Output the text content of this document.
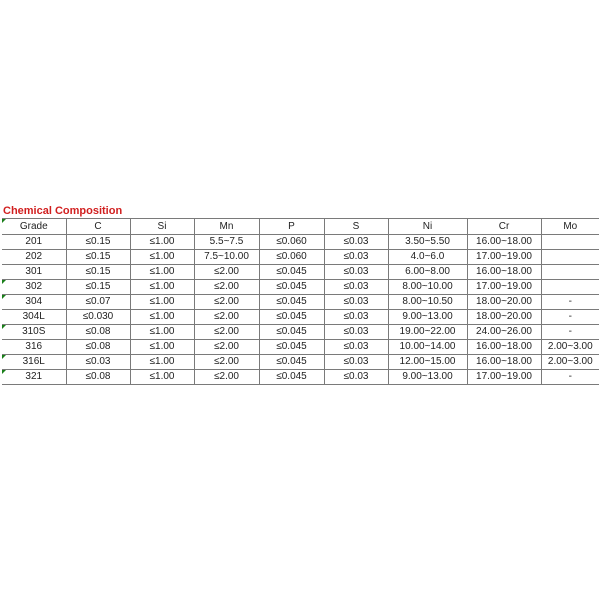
Chemical Composition								

Grade	C	Si	Mn	P	S	Ni	Cr	Mo
201	≤0.15	≤1.00	5.5~7.5	≤0.060	≤0.03	3.50~5.50	16.00~18.00	
202	≤0.15	≤1.00	7.5~10.00	≤0.060	≤0.03	4.0~6.0	17.00~19.00	
301	≤0.15	≤1.00	≤2.00	≤0.045	≤0.03	6.00~8.00	16.00~18.00	

302	≤0.15	≤1.00	≤2.00	≤0.045	≤0.03	8.00~10.00	17.00~19.00	

304	≤0.07	≤1.00	≤2.00	≤0.045	≤0.03	8.00~10.50	18.00~20.00	-
304L	≤0.030	≤1.00	≤2.00	≤0.045	≤0.03	9.00~13.00	18.00~20.00	-

310S	≤0.08	≤1.00	≤2.00	≤0.045	≤0.03	19.00~22.00	24.00~26.00	-
316	≤0.08	≤1.00	≤2.00	≤0.045	≤0.03	10.00~14.00	16.00~18.00	2.00~3.00

316L	≤0.03	≤1.00	≤2.00	≤0.045	≤0.03	12.00~15.00	16.00~18.00	2.00~3.00

321	≤0.08	≤1.00	≤2.00	≤0.045	≤0.03	9.00~13.00	17.00~19.00	-
